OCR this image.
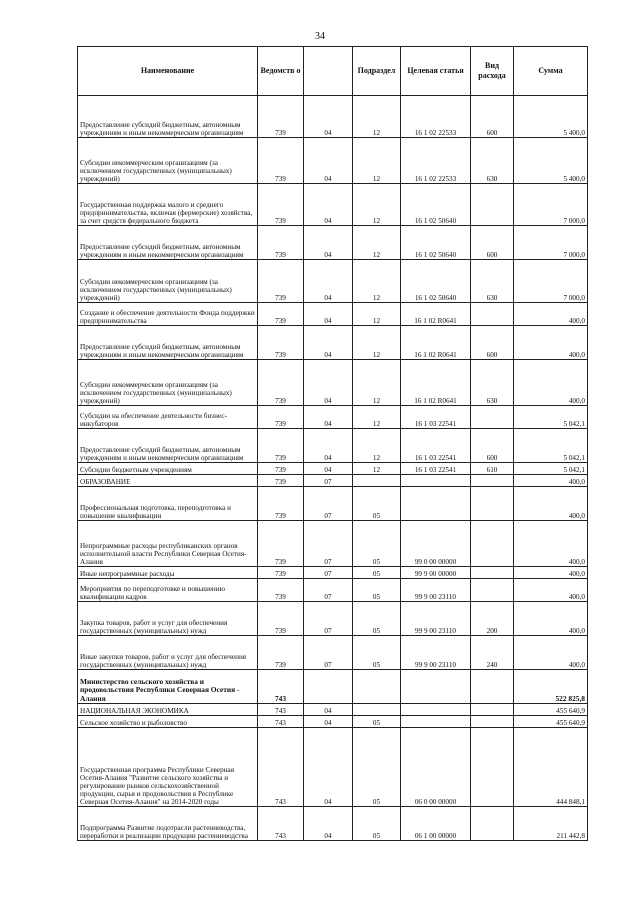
34
Наименование	Ведомств о		Подраздел	Целевая статья	Вид расхода	Сумма
Предоставление субсидий бюджетным, автономным учреждениям и иным некоммерческим организациям	739	04	12	16 1 02 22533	600	5 400,0
Субсидии некоммерческим организациям (за исключением государственных (муниципальных) учреждений)	739	04	12	16 1 02 22533	630	5 400,0
Государственная поддержка малого и среднего предпринимательства, включая (фермерские) хозяйства, за счет средств федерального бюджета	739	04	12	16 1 02 50640		7 000,0
Предоставление субсидий бюджетным, автономным учреждениям и иным некоммерческим организациям	739	04	12	16 1 02 50640	600	7 000,0
Субсидии некоммерческим организациям (за исключением государственных (муниципальных) учреждений)	739	04	12	16 1 02 50640	630	7 000,0
Создание и обеспечение деятельности Фонда поддержки предпринимательства	739	04	12	16 1 02 R0641		400,0
Предоставление субсидий бюджетным, автономным учреждениям и иным некоммерческим организациям	739	04	12	16 1 02 R0641	600	400,0
Субсидии некоммерческим организациям (за исключением государственных (муниципальных) учреждений)	739	04	12	16 1 02 R0641	630	400,0
Субсидии на обеспечение деятельности бизнес-инкубаторов	739	04	12	16 1 03 22541		5 042,1
Предоставление субсидий бюджетным, автономным учреждениям и иным некоммерческим организациям	739	04	12	16 1 03 22541	600	5 042,1
Субсидии бюджетным учреждениям	739	04	12	16 1 03 22541	610	5 042,1
ОБРАЗОВАНИЕ	739	07				400,0
Профессиональная подготовка, переподготовка и повышение квалификации	739	07	05			400,0
Непрограммные расходы республиканских органов исполнительной власти Республики Северная Осетия-Алания	739	07	05	99 0 00 00000		400,0
Иные непрограммные расходы	739	07	05	99 9 00 00000		400,0
Мероприятия по переподготовке и повышению квалификации кадров	739	07	05	99 9 00 23110		400,0
Закупка товаров, работ и услуг для обеспечения государственных (муниципальных) нужд	739	07	05	99 9 00 23110	200	400,0
Иные закупки товаров, работ и услуг для обеспечения государственных (муниципальных) нужд	739	07	05	99 9 00 23110	240	400,0
Министерство сельского хозяйства и продовольствия Республики Северная Осетия - Алания	743					522 825,8
НАЦИОНАЛЬНАЯ ЭКОНОМИКА	743	04				455 640,9
Сельское хозяйство и рыболовство	743	04	05			455 640,9
Государственная программа Республики Северная Осетия-Алания "Развитие сельского хозяйства и регулирование рынков сельскохозяйственной продукции, сырья и продовольствия в Республике Северная Осетия-Алания" на 2014-2020 годы	743	04	05	06 0 00 00000		444 848,1
Подпрограмма Развитие подотрасли растениеводства, переработки и реализации продукции растениеводства	743	04	05	06 1 00 00000		211 442,8
